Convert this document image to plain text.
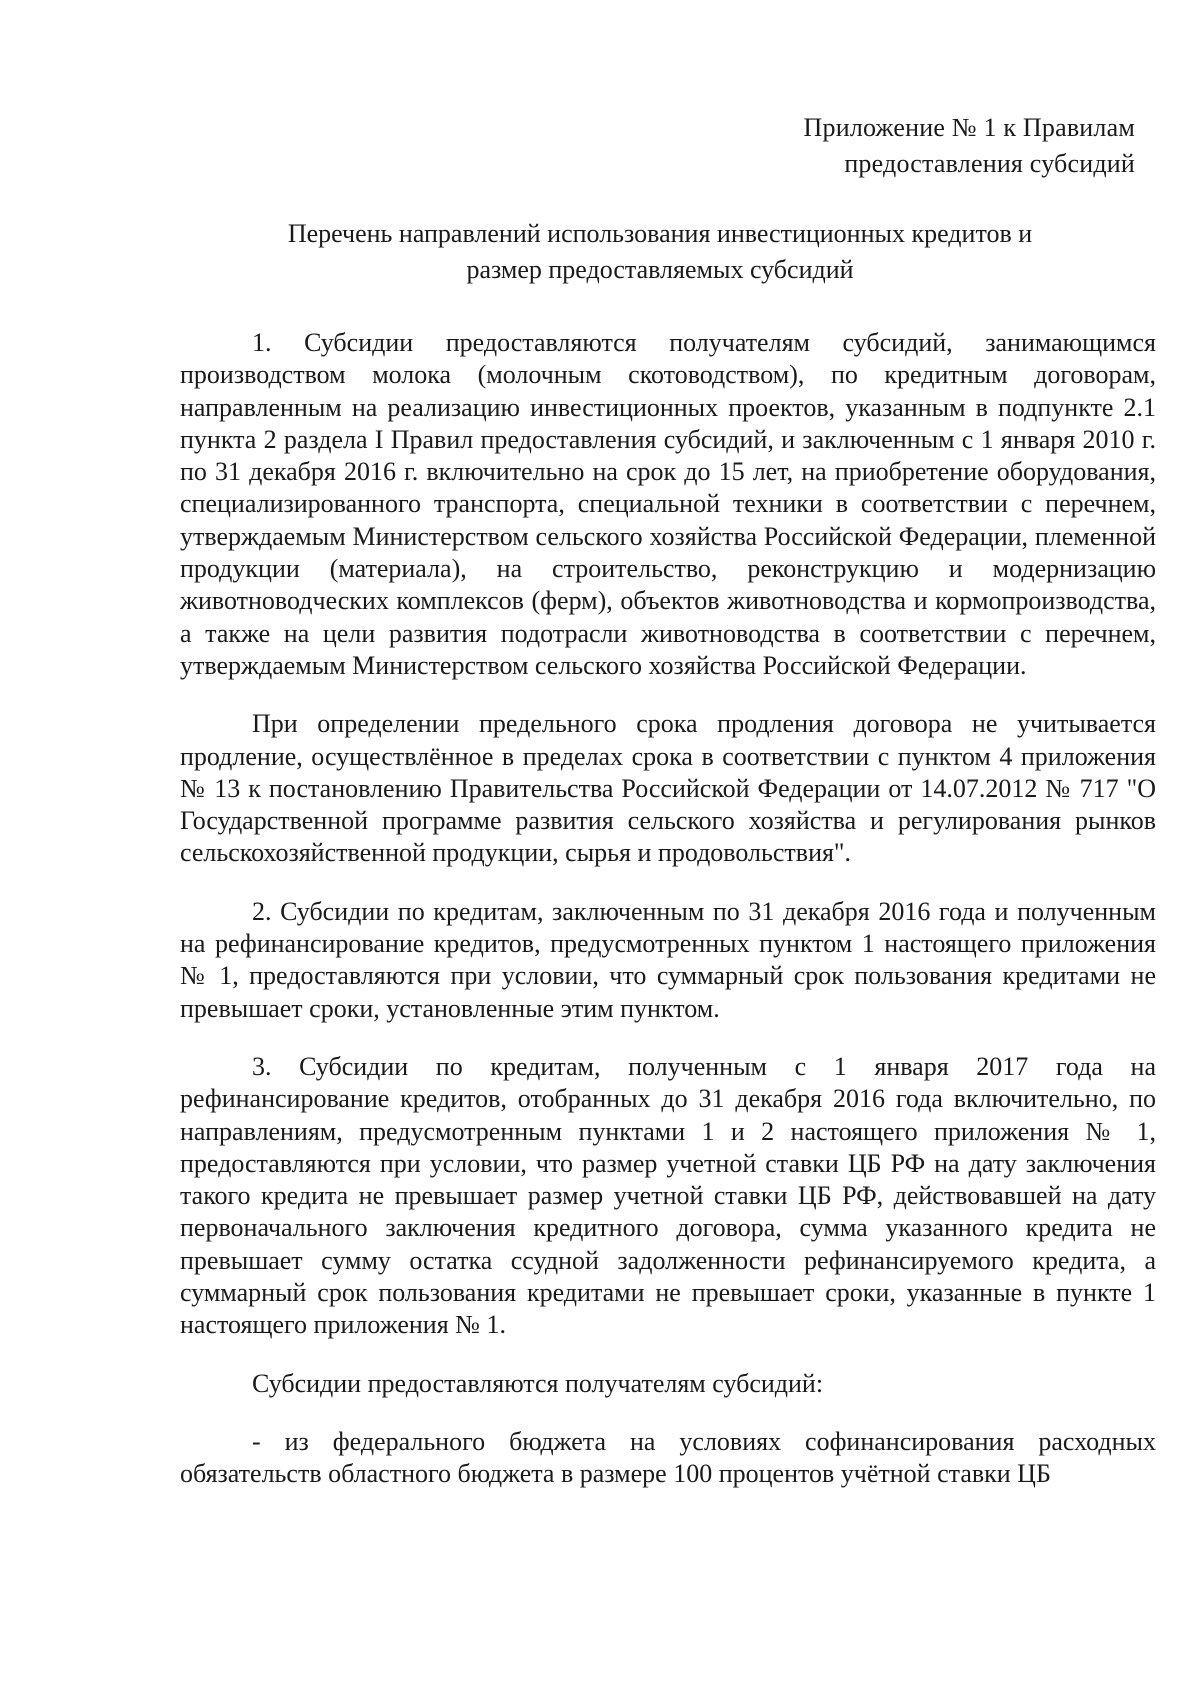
Приложение № 1 к Правилам
предоставления субсидий
Перечень направлений использования инвестиционных кредитов и
размер предоставляемых субсидий

1. Субсидии предоставляются получателям субсидий, занимающимся производством молока (молочным скотоводством), по кредитным договорам, направленным на реализацию инвестиционных проектов, указанным в подпункте 2.1 пункта 2 раздела I Правил предоставления субсидий, и заключенным с 1 января 2010 г. по 31 декабря 2016 г. включительно на срок до 15 лет, на приобретение оборудования, специализированного транспорта, специальной техники в соответствии с перечнем, утверждаемым Министерством сельского хозяйства Российской Федерации, племенной продукции (материала), на строительство, реконструкцию и модернизацию животноводческих комплексов (ферм), объектов животноводства и кормопроизводства, а также на цели развития подотрасли животноводства в соответствии с перечнем, утверждаемым Министерством сельского хозяйства Российской Федерации.

При определении предельного срока продления договора не учитывается продление, осуществлённое в пределах срока в соответствии с пунктом 4 приложения № 13 к постановлению Правительства Российской Федерации от 14.07.2012 № 717 "О Государственной программе развития сельского хозяйства и регулирования рынков сельскохозяйственной продукции, сырья и продовольствия".

2. Субсидии по кредитам, заключенным по 31 декабря 2016 года и полученным на рефинансирование кредитов, предусмотренных пунктом 1 настоящего приложения № 1, предоставляются при условии, что суммарный срок пользования кредитами не превышает сроки, установленные этим пунктом.

3. Субсидии по кредитам, полученным с 1 января 2017 года на рефинансирование кредитов, отобранных до 31 декабря 2016 года включительно, по направлениям, предусмотренным пунктами 1 и 2 настоящего приложения № 1, предоставляются при условии, что размер учетной ставки ЦБ РФ на дату заключения такого кредита не превышает размер учетной ставки ЦБ РФ, действовавшей на дату первоначального заключения кредитного договора, сумма указанного кредита не превышает сумму остатка ссудной задолженности рефинансируемого кредита, а суммарный срок пользования кредитами не превышает сроки, указанные в пункте 1 настоящего приложения № 1.

Субсидии предоставляются получателям субсидий:

- из федерального бюджета на условиях софинансирования расходных обязательств областного бюджета в размере 100 процентов учётной ставки ЦБ
